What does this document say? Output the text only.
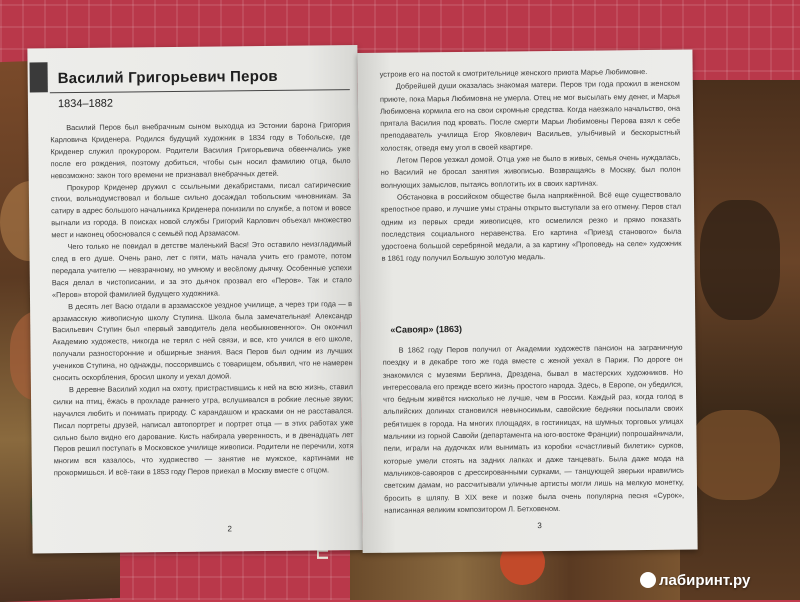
Василий Григорьевич Перов
1834–1882

Василий Перов был внебрачным сыном выходца из Эстонии барона Григория Карловича Криденера. Родился будущий художник в 1834 году в Тобольске, где Криденер служил прокурором. Родители Василия Григорьевича обвенчались уже после его рождения, поэтому добиться, чтобы сын носил фамилию отца, было невозможно: закон того времени не признавал внебрачных детей.

Прокурор Криденер дружил с ссыльными декабристами, писал сатирические стихи, вольнодумствовал и больше сильно досаждал тобольским чиновникам. За сатиру в адрес большого начальника Криденера понизили по службе, а потом и вовсе выгнали из города. В поисках новой службы Григорий Карлович объехал множество мест и наконец обосновался с семьёй под Арзамасом.

Чего только не повидал в детстве маленький Вася! Это оставило неизгладимый след в его душе. Очень рано, лет с пяти, мать начала учить его грамоте, потом передала учителю — невзрачному, но умному и весёлому дьячку. Особенные успехи Вася делал в чистописании, и за это дьячок прозвал его «Перов». Так и стало «Перов» второй фамилией будущего художника.

В десять лет Васю отдали в арзамасское уездное училище, а через три года — в арзамасскую живописную школу Ступина. Школа была замечательная! Александр Васильевич Ступин был «первый заводитель дела необыкновенного». Он окончил Академию художеств, никогда не терял с ней связи, и все, кто учился в его школе, получали разносторонние и обширные знания. Вася Перов был одним из лучших учеников Ступина, но однажды, поссорившись с товарищем, объявил, что не намерен сносить оскорбления, бросил школу и уехал домой.

В деревне Василий ходил на охоту, пристрастившись к ней на всю жизнь, ставил силки на птиц, ёжась в прохладе раннего утра, вслушивался в робкие лесные звуки; научился любить и понимать природу. С карандашом и красками он не расставался. Писал портреты друзей, написал автопортрет и портрет отца — в этих работах уже сильно было видно его дарование. Кисть набирала уверенность, и в двенадцать лет Перов решил поступать в Московское училище живописи. Родители не перечили, хотя многим вся казалось, что художество — занятие не мужское, картинами не прокормишься. И всё-таки в 1853 году Перов приехал в Москву вместе с отцом.

2

устроив его на постой к смотрительнице женского приюта Марье Любимовне.

Добрейшей души оказалась знакомая матери. Перов три года прожил в женском приюте, пока Марья Любимовна не умерла. Отец не мог высылать ему денег, и Марья Любимовна кормила его на свои скромные средства. Когда наезжало начальство, она прятала Василия под кровать. После смерти Марьи Любимовны Перова взял к себе преподаватель училища Егор Яковлевич Васильев, улыбчивый и бескорыстный холостяк, отведя ему угол в своей квартире.

Летом Перов уезжал домой. Отца уже не было в живых, семья очень нуждалась, но Василий не бросал занятия живописью. Возвращаясь в Москву, был полон волнующих замыслов, пытаясь воплотить их в своих картинах.

Обстановка в российском обществе была напряжённой. Всё еще существовало крепостное право, и лучшие умы страны открыто выступали за его отмену. Перов стал одним из первых среди живописцев, кто осмелился резко и прямо показать последствия социального неравенства. Его картина «Приезд станового» была удостоена большой серебряной медали, а за картину «Проповедь на селе» художник в 1861 году получил Большую золотую медаль.

«Савояр» (1863)

В 1862 году Перов получил от Академии художеств пансион на заграничную поездку и в декабре того же года вместе с женой уехал в Париж. По дороге он знакомился с музеями Берлина, Дрездена, бывал в мастерских художников. Но интересовала его прежде всего жизнь простого народа. Здесь, в Европе, он убедился, что бедным живётся нисколько не лучше, чем в России. Каждый раз, когда голод в альпийских долинах становился невыносимым, савойские бедняки посылали своих ребятишек в города. На многих площадях, в гостиницах, на шумных торговых улицах мальчики из горной Савойи (департамента на юго-востоке Франции) попрошайничали, пели, играли на дудочках или вынимать из коробки «счастливый билетик» сурков, которые умели стоять на задних лапках и даже танцевать. Была даже мода на мальчиков-савояров с дрессированными сурками, — танцующей зверьки нравились светским дамам, но рассчитывали уличные артисты могли лишь на мелкую монетку, бросить в шляпу. В XIX веке и позже была очень популярна песня «Сурок», написанная великим композитором Л. Бетховеном.

3
лабиринт.ру
